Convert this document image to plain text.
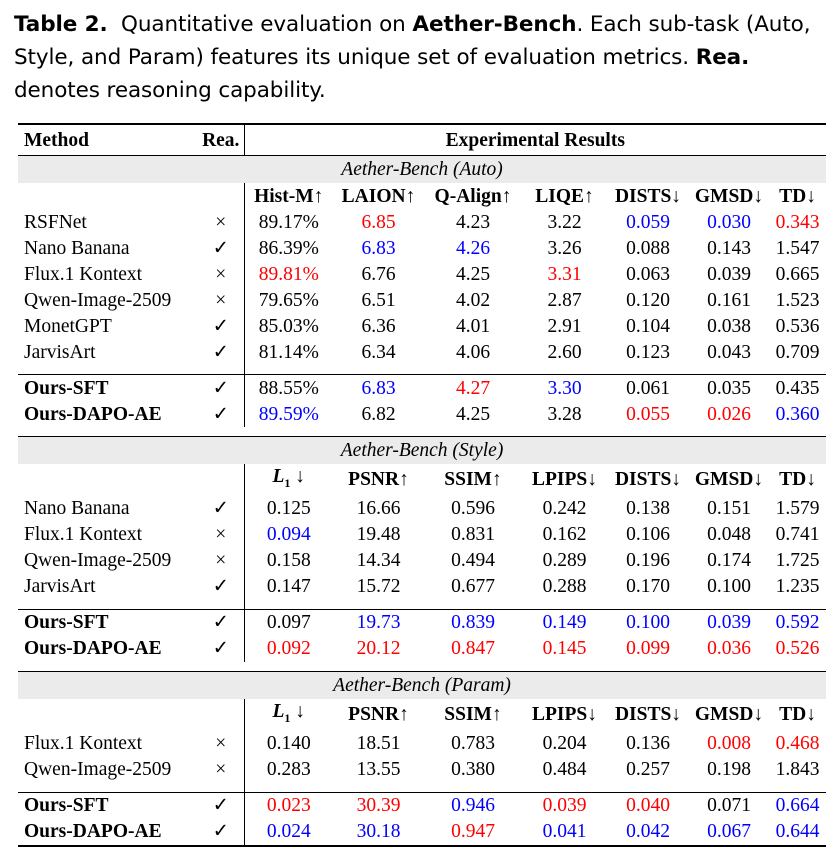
Table 2. Quantitative evaluation on Aether-Bench. Each sub-task (Auto, Style, and Param) features its unique set of evaluation metrics. Rea. denotes reasoning capability.
Method	Rea.	Experimental Results						
Aether-Bench (Auto)								
		Hist-M↑	LAION↑	Q-Align↑	LIQE↑	DISTS↓	GMSD↓	TD↓
RSFNet	×	89.17%	6.85	4.23	3.22	0.059	0.030	0.343
Nano Banana	✓	86.39%	6.83	4.26	3.26	0.088	0.143	1.547
Flux.1 Kontext	×	89.81%	6.76	4.25	3.31	0.063	0.039	0.665
Qwen-Image-2509	×	79.65%	6.51	4.02	2.87	0.120	0.161	1.523
MonetGPT	✓	85.03%	6.36	4.01	2.91	0.104	0.038	0.536
JarvisArt	✓	81.14%	6.34	4.06	2.60	0.123	0.043	0.709

Ours-SFT	✓	88.55%	6.83	4.27	3.30	0.061	0.035	0.435
Ours-DAPO-AE	✓	89.59%	6.82	4.25	3.28	0.055	0.026	0.360

Aether-Bench (Style)								
		$L_1$ ↓	PSNR↑	SSIM↑	LPIPS↓	DISTS↓	GMSD↓	TD↓
Nano Banana	✓	0.125	16.66	0.596	0.242	0.138	0.151	1.579
Flux.1 Kontext	×	0.094	19.48	0.831	0.162	0.106	0.048	0.741
Qwen-Image-2509	×	0.158	14.34	0.494	0.289	0.196	0.174	1.725
JarvisArt	✓	0.147	15.72	0.677	0.288	0.170	0.100	1.235

Ours-SFT	✓	0.097	19.73	0.839	0.149	0.100	0.039	0.592
Ours-DAPO-AE	✓	0.092	20.12	0.847	0.145	0.099	0.036	0.526

Aether-Bench (Param)								
		$L_1$ ↓	PSNR↑	SSIM↑	LPIPS↓	DISTS↓	GMSD↓	TD↓
Flux.1 Kontext	×	0.140	18.51	0.783	0.204	0.136	0.008	0.468
Qwen-Image-2509	×	0.283	13.55	0.380	0.484	0.257	0.198	1.843

Ours-SFT	✓	0.023	30.39	0.946	0.039	0.040	0.071	0.664
Ours-DAPO-AE	✓	0.024	30.18	0.947	0.041	0.042	0.067	0.644
